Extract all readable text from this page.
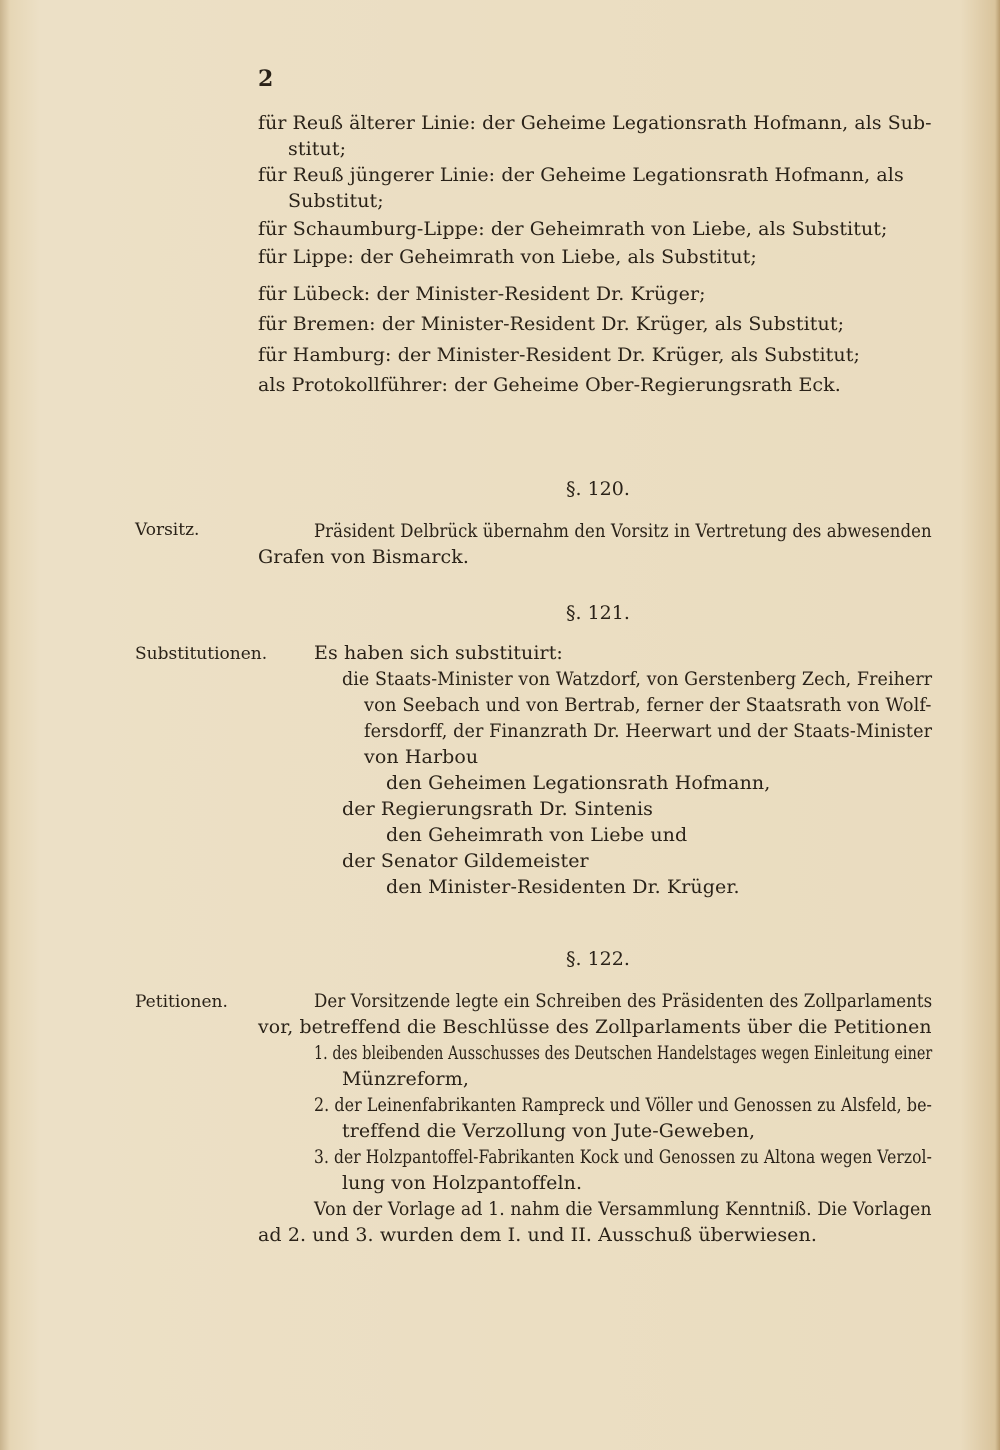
2
für Reuß älterer Linie: der Geheime Legationsrath Hofmann, als Sub-
stitut;
für Reuß jüngerer Linie: der Geheime Legationsrath Hofmann, als
Substitut;
für Schaumburg-Lippe: der Geheimrath von Liebe, als Substitut;
für Lippe: der Geheimrath von Liebe, als Substitut;
für Lübeck: der Minister-Resident Dr. Krüger;
für Bremen: der Minister-Resident Dr. Krüger, als Substitut;
für Hamburg: der Minister-Resident Dr. Krüger, als Substitut;
als Protokollführer: der Geheime Ober-Regierungsrath Eck.
§. 120.
Vorsitz.	Präsident Delbrück übernahm den Vorsitz in Vertretung des abwesenden
Grafen von Bismarck.
§. 121.
Substitutionen. Es haben sich substituirt:
die Staats-Minister von Watzdorf, von Gerstenberg Zech, Freiherr
von Seebach und von Bertrab, ferner der Staatsrath von Wolf-
fersdorff, der Finanzrath Dr. Heerwart und der Staats-Minister
von Harbou
den Geheimen Legationsrath Hofmann,
der Regierungsrath Dr. Sintenis
den Geheimrath von Liebe und
der Senator Gildemeister
den Minister-Residenten Dr. Krüger.
§. 122.
Petitionen.	Der Vorsitzende legte ein Schreiben des Präsidenten des Zollparlaments
vor, betreffend die Beschlüsse des Zollparlaments über die Petitionen
1. des bleibenden Ausschusses des Deutschen Handelstages wegen Einleitung einer
Münzreform,
2. der Leinenfabrikanten Rampreck und Völler und Genossen zu Alsfeld, be-
treffend die Verzollung von Jute-Geweben,
3. der Holzpantoffel-Fabrikanten Kock und Genossen zu Altona wegen Verzol-
lung von Holzpantoffeln.
Von der Vorlage ad 1. nahm die Versammlung Kenntniß. Die Vorlagen
ad 2. und 3. wurden dem I. und II. Ausschuß überwiesen.
